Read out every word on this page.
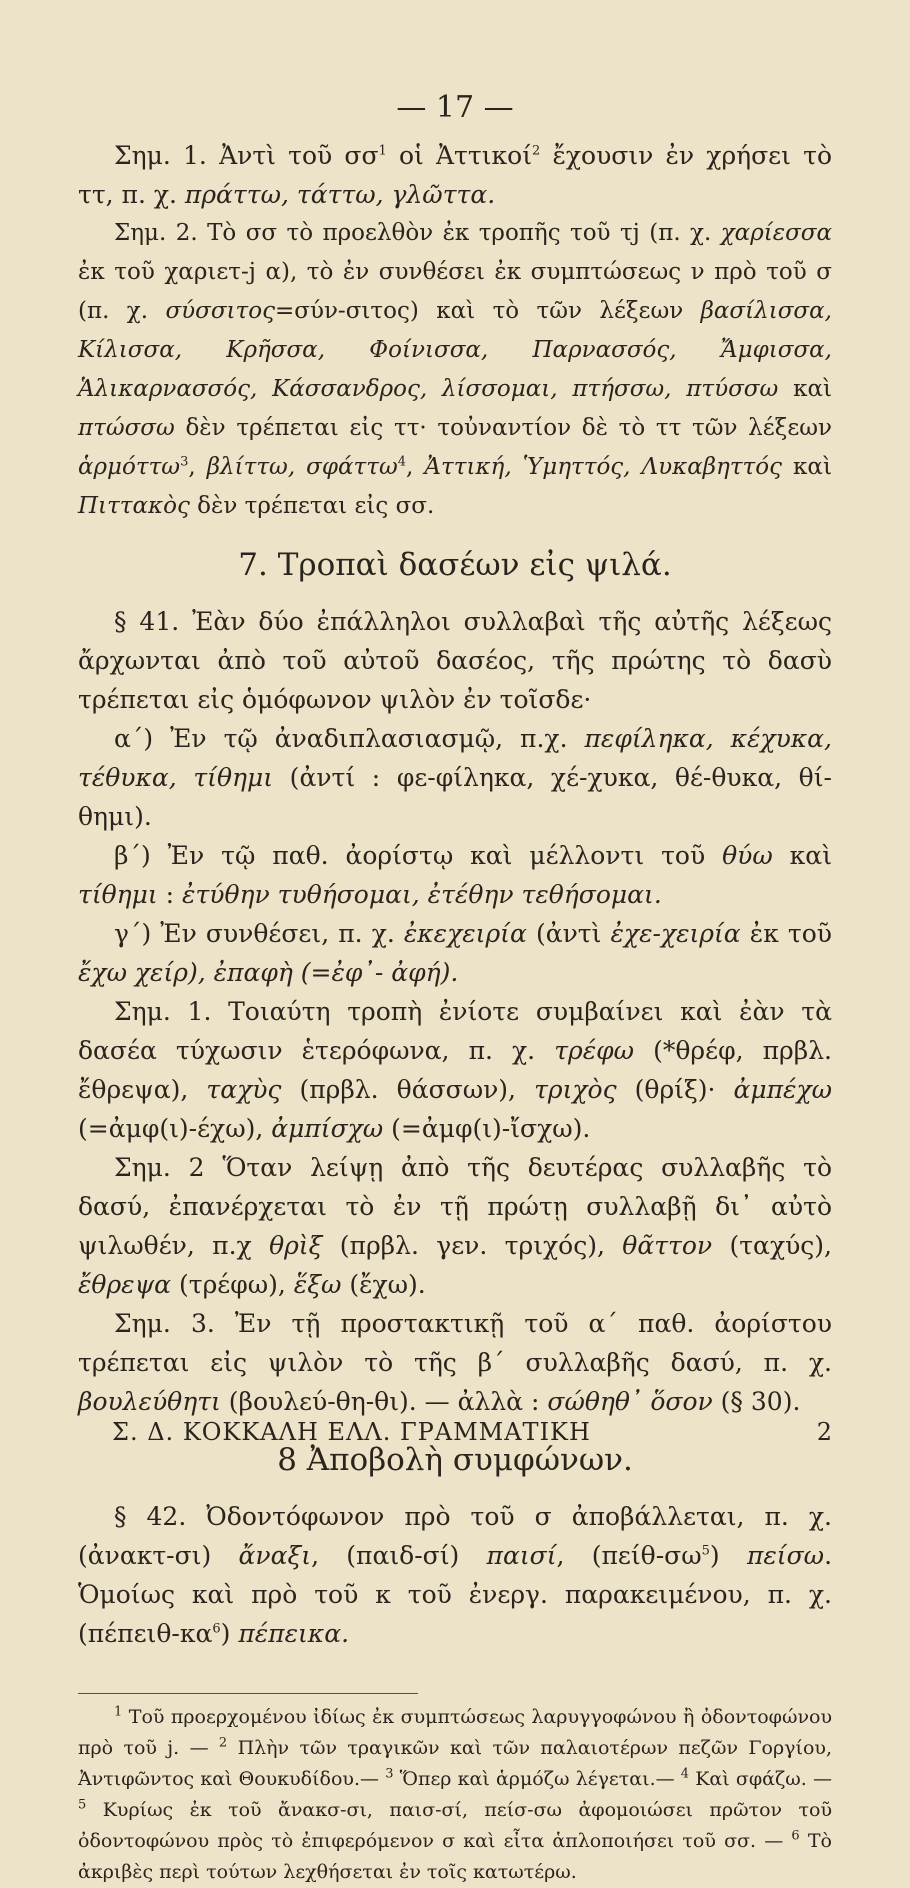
— 17 —

Σημ. 1. Ἀντὶ τοῦ $\sigma\sigma^1$ οἱ Ἀττικοί$^2$ ἔχουσιν ἐν χρήσει τὸ ττ, π. χ. πράττω, τάττω, γλῶττα.

Σημ. 2. Τὸ σσ τὸ προελθὸν ἐκ τροπῆς τοῦ τj (π. χ. χαρίεσσα ἐκ τοῦ χαριετ-j α), τὸ ἐν συνθέσει ἐκ συμπτώσεως ν πρὸ τοῦ σ (π. χ. σύσσιτος=σύν-σιτος) καὶ τὸ τῶν λέξεων βασίλισσα, Κίλισσα, Κρῆσσα, Φοίνισσα, Παρνασσός, Ἄμφισσα, Ἁλικαρνασσός, Κάσσανδρος, λίσσομαι, πτήσσω, πτύσσω καὶ πτώσσω δὲν τρέπεται εἰς ττ· τοὐναντίον δὲ τὸ ττ τῶν λέξεων ἁρμόττω$^3$, βλίττω, σφάττω$^4$, Ἀττική, Ὑμηττός, Λυκαβηττός καὶ Πιττακὸς δὲν τρέπεται εἰς σσ.

7. Τροπαὶ δασέων εἰς ψιλά.

§ 41. Ἐὰν δύο ἐπάλληλοι συλλαβαὶ τῆς αὐτῆς λέξεως ἄρχωνται ἀπὸ τοῦ αὐτοῦ δασέος, τῆς πρώτης τὸ δασὺ τρέπεται εἰς ὁμόφωνον ψιλὸν ἐν τοῖσδε·

α΄) Ἐν τῷ ἀναδιπλασιασμῷ, π.χ. πεφίληκα, κέχυκα, τέθυκα, τίθημι (ἀντί : φε-φίληκα, χέ-χυκα, θέ-θυκα, θί-θημι).

β΄) Ἐν τῷ παθ. ἀορίστῳ καὶ μέλλοντι τοῦ θύω καὶ τίθημι : ἐτύθην τυθήσομαι, ἐτέθην τεθήσομαι.

γ΄) Ἐν συνθέσει, π. χ. ἐκεχειρία (ἀντὶ ἐχε-χειρία ἐκ τοῦ ἔχω χείρ), ἐπαφὴ (=ἐφ᾽- ἀφή).

Σημ. 1. Τοιαύτη τροπὴ ἐνίοτε συμβαίνει καὶ ἐὰν τὰ δασέα τύχωσιν ἑτερόφωνα, π. χ. τρέφω (*θρέφ, πρβλ. ἔθρεψα), ταχὺς (πρβλ. θάσσων), τριχὸς (θρίξ)· ἀμπέχω (=ἀμφ(ι)-έχω), ἀμπίσχω (=ἀμφ(ι)-ἴσχω).

Σημ. 2 Ὅταν λείψῃ ἀπὸ τῆς δευτέρας συλλαβῆς τὸ δασύ, ἐπανέρχεται τὸ ἐν τῇ πρώτῃ συλλαβῇ δι᾽ αὐτὸ ψιλωθέν, π.χ θρὶξ (πρβλ. γεν. τριχός), θᾶττον (ταχύς), ἔθρεψα (τρέφω), ἕξω (ἔχω).

Σημ. 3. Ἐν τῇ προστακτικῇ τοῦ α΄ παθ. ἀορίστου τρέπεται εἰς ψιλὸν τὸ τῆς β΄ συλλαβῆς δασύ, π. χ. βουλεύθητι (βουλεύ-θη-θι). — ἀλλὰ : σώθηθ᾽ ὅσον (§ 30).

8 Ἀποβολὴ συμφώνων.

§ 42. Ὀδοντόφωνον πρὸ τοῦ σ ἀποβάλλεται, π. χ. (ἀνακτ-σι) ἄναξι, (παιδ-σί) παισί, $(\pi\varepsilon ί\theta-\sigma\omega^5)$ πείσω. Ὁμοίως καὶ πρὸ τοῦ κ τοῦ ἐνεργ. παρακειμένου, π. χ. $(\pi έ\pi\varepsilon\iota\theta-\kappa\alpha^6)$ πέπεικα.

$^1$ Τοῦ προερχομένου ἰδίως ἐκ συμπτώσεως λαρυγγοφώνου ἢ ὀδοντοφώνου πρὸ τοῦ j. — $^2$ Πλὴν τῶν τραγικῶν καὶ τῶν παλαιοτέρων πεζῶν Γοργίου, Ἀντιφῶντος καὶ Θουκυδίδου.— $^3$ Ὅπερ καὶ ἁρμόζω λέγεται.— $^4$ Καὶ σφάζω. — $^5$ Κυρίως ἐκ τοῦ ἄνακσ-σι, παισ-σί, πείσ-σω ἀφομοιώσει πρῶτον τοῦ ὀδοντοφώνου πρὸς τὸ ἐπιφερόμενον σ καὶ εἶτα ἁπλοποιήσει τοῦ σσ. — $^6$ Τὸ ἀκριβὲς περὶ τούτων λεχθήσεται ἐν τοῖς κατωτέρω.

Σ. Δ. ΚΟΚΚΑΛΗ ΕΛΛ. ΓΡΑΜΜΑΤΙΚΗ	2
